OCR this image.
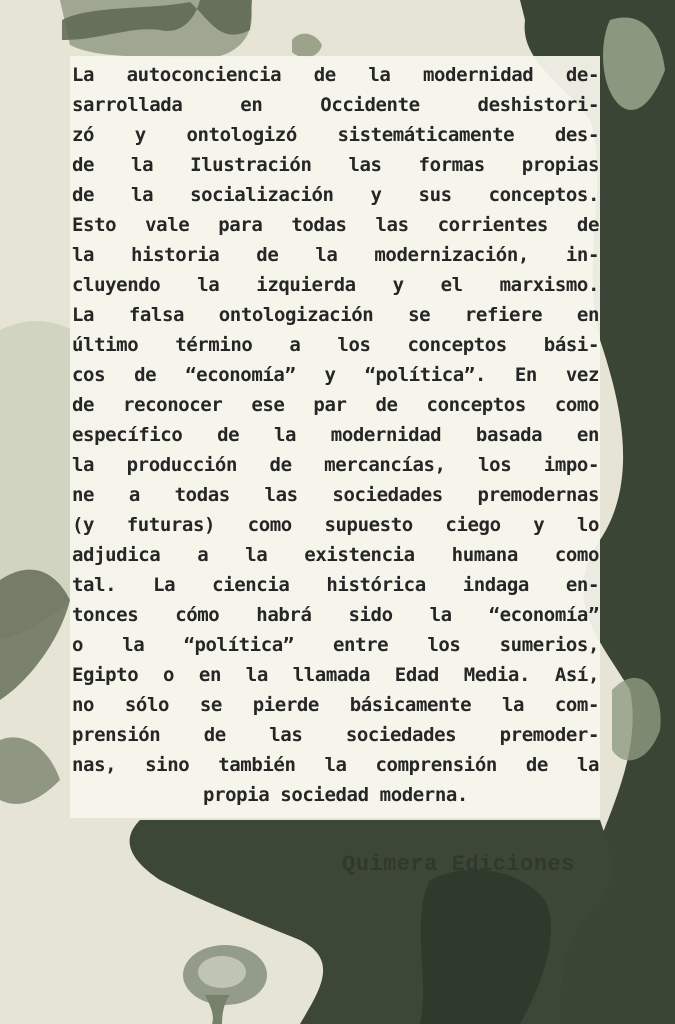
La autoconciencia de la modernidad de-
sarrollada en Occidente deshistori-
zó y ontologizó sistemáticamente des-
de la Ilustración las formas propias
de la socialización y sus conceptos.
Esto vale para todas las corrientes de
la historia de la modernización, in-
cluyendo la izquierda y el marxismo.
La falsa ontologización se refiere en
último término a los conceptos bási-
cos de “economía” y “política”. En vez
de reconocer ese par de conceptos como
específico de la modernidad basada en
la producción de mercancías, los impo-
ne a todas las sociedades premodernas
(y futuras) como supuesto ciego y lo
adjudica a la existencia humana como
tal. La ciencia histórica indaga en-
tonces cómo habrá sido la “economía”
o la “política” entre los sumerios,
Egipto o en la llamada Edad Media. Así,
no sólo se pierde básicamente la com-
prensión de las sociedades premoder-
nas, sino también la comprensión de la
propia sociedad moderna.
Quimera Ediciones
